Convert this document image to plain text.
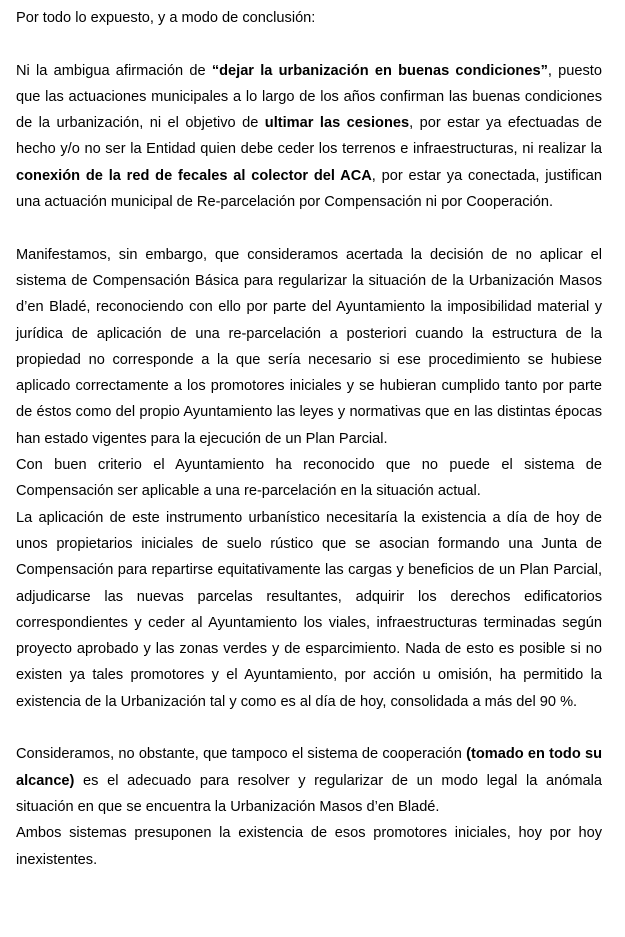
Por todo lo expuesto, y a modo de conclusión:

Ni la ambigua afirmación de “dejar la urbanización en buenas condiciones”, puesto que las actuaciones municipales a lo largo de los años confirman las buenas condiciones de la urbanización, ni el objetivo de ultimar las cesiones, por estar ya efectuadas de hecho y/o no ser la Entidad quien debe ceder los terrenos e infraestructuras, ni realizar la conexión de la red de fecales al colector del ACA, por estar ya conectada, justifican una actuación municipal de Re-parcelación por Compensación ni por Cooperación.

Manifestamos, sin embargo, que consideramos acertada la decisión de no aplicar el sistema de Compensación Básica para regularizar la situación de la Urbanización Masos d’en Bladé, reconociendo con ello por parte del Ayuntamiento la imposibilidad material y jurídica de aplicación de una re-parcelación a posteriori cuando la estructura de la propiedad no corresponde a la que sería necesario si ese procedimiento se hubiese aplicado correctamente a los promotores iniciales y se hubieran cumplido tanto por parte de éstos como del propio Ayuntamiento las leyes y normativas que en las distintas épocas han estado vigentes para la ejecución de un Plan Parcial.

Con buen criterio el Ayuntamiento ha reconocido que no puede el sistema de Compensación ser aplicable a una re-parcelación en la situación actual.

La aplicación de este instrumento urbanístico necesitaría la existencia a día de hoy de unos propietarios iniciales de suelo rústico que se asocian formando una Junta de Compensación para repartirse equitativamente las cargas y beneficios de un Plan Parcial, adjudicarse las nuevas parcelas resultantes, adquirir los derechos edificatorios correspondientes y ceder al Ayuntamiento los viales, infraestructuras terminadas según proyecto aprobado y las zonas verdes y de esparcimiento. Nada de esto es posible si no existen ya tales promotores y el Ayuntamiento, por acción u omisión, ha permitido la existencia de la Urbanización tal y como es al día de hoy, consolidada a más del 90 %.

Consideramos, no obstante, que tampoco el sistema de cooperación (tomado en todo su alcance) es el adecuado para resolver y regularizar de un modo legal la anómala situación en que se encuentra la Urbanización Masos d’en Bladé.

Ambos sistemas presuponen la existencia de esos promotores iniciales, hoy por hoy inexistentes.
